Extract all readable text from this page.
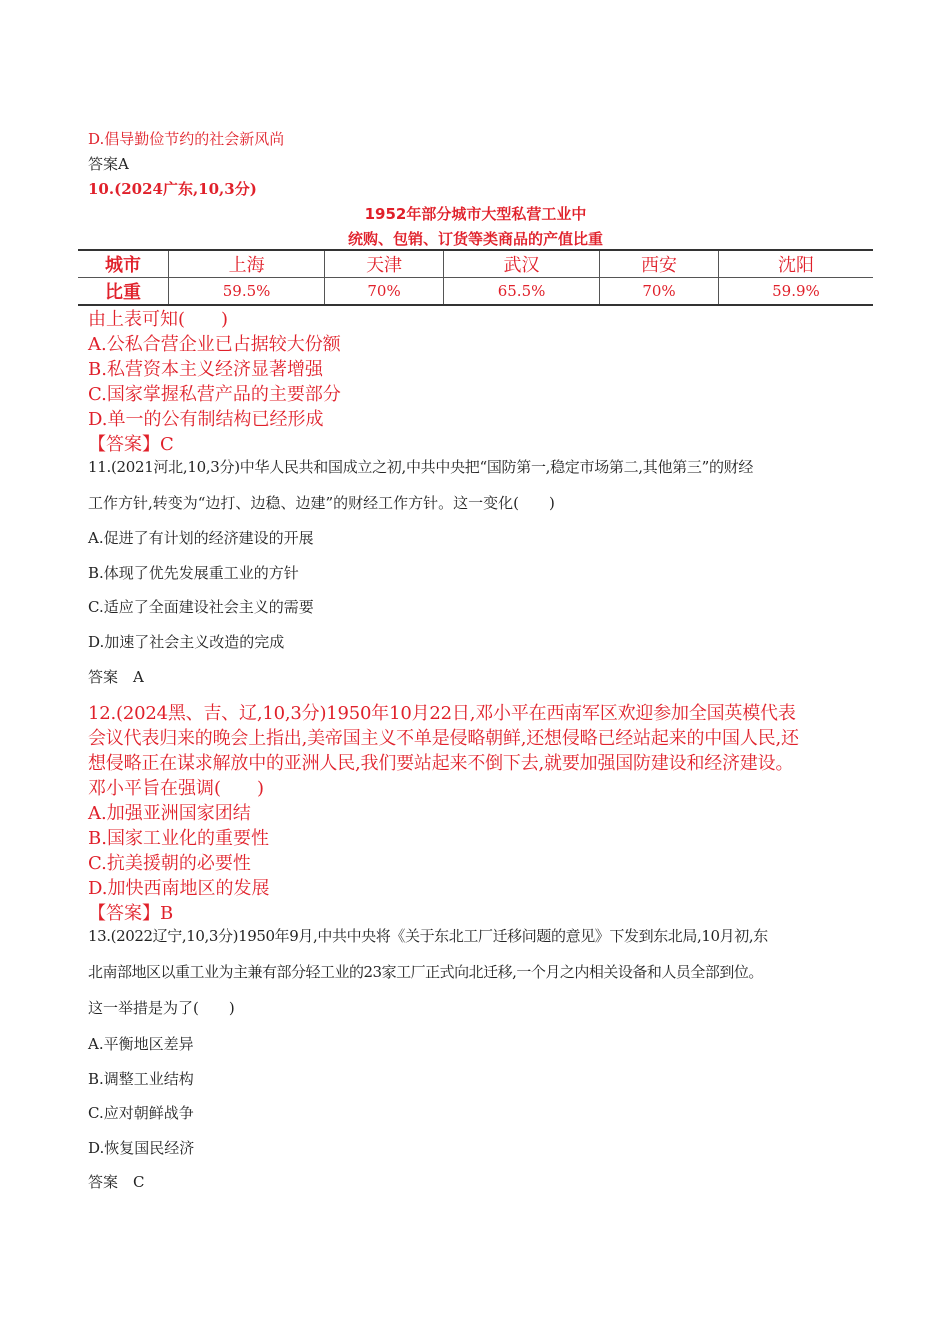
D.倡导勤俭节约的社会新风尚
答案A
10.(2024广东,10,3分)
1952年部分城市大型私营工业中
统购、包销、订货等类商品的产值比重
城市	上海	天津	武汉	西安	沈阳
比重	59.5%	70%	65.5%	70%	59.9%
由上表可知(　　)
A.公私合营企业已占据较大份额
B.私营资本主义经济显著增强
C.国家掌握私营产品的主要部分
D.单一的公有制结构已经形成
【答案】C
11.(2021河北,10,3分)中华人民共和国成立之初,中共中央把“国防第一,稳定市场第二,其他第三”的财经
工作方针,转变为“边打、边稳、边建”的财经工作方针。这一变化(　　)
A.促进了有计划的经济建设的开展
B.体现了优先发展重工业的方针
C.适应了全面建设社会主义的需要
D.加速了社会主义改造的完成
答案　A
12.(2024黑、吉、辽,10,3分)1950年10月22日,邓小平在西南军区欢迎参加全国英模代表
会议代表归来的晚会上指出,美帝国主义不单是侵略朝鲜,还想侵略已经站起来的中国人民,还
想侵略正在谋求解放中的亚洲人民,我们要站起来不倒下去,就要加强国防建设和经济建设。
邓小平旨在强调(　　)
A.加强亚洲国家团结
B.国家工业化的重要性
C.抗美援朝的必要性
D.加快西南地区的发展
【答案】B
13.(2022辽宁,10,3分)1950年9月,中共中央将《关于东北工厂迁移问题的意见》下发到东北局,10月初,东
北南部地区以重工业为主兼有部分轻工业的23家工厂正式向北迁移,一个月之内相关设备和人员全部到位。
这一举措是为了(　　)
A.平衡地区差异
B.调整工业结构
C.应对朝鲜战争
D.恢复国民经济
答案　C
